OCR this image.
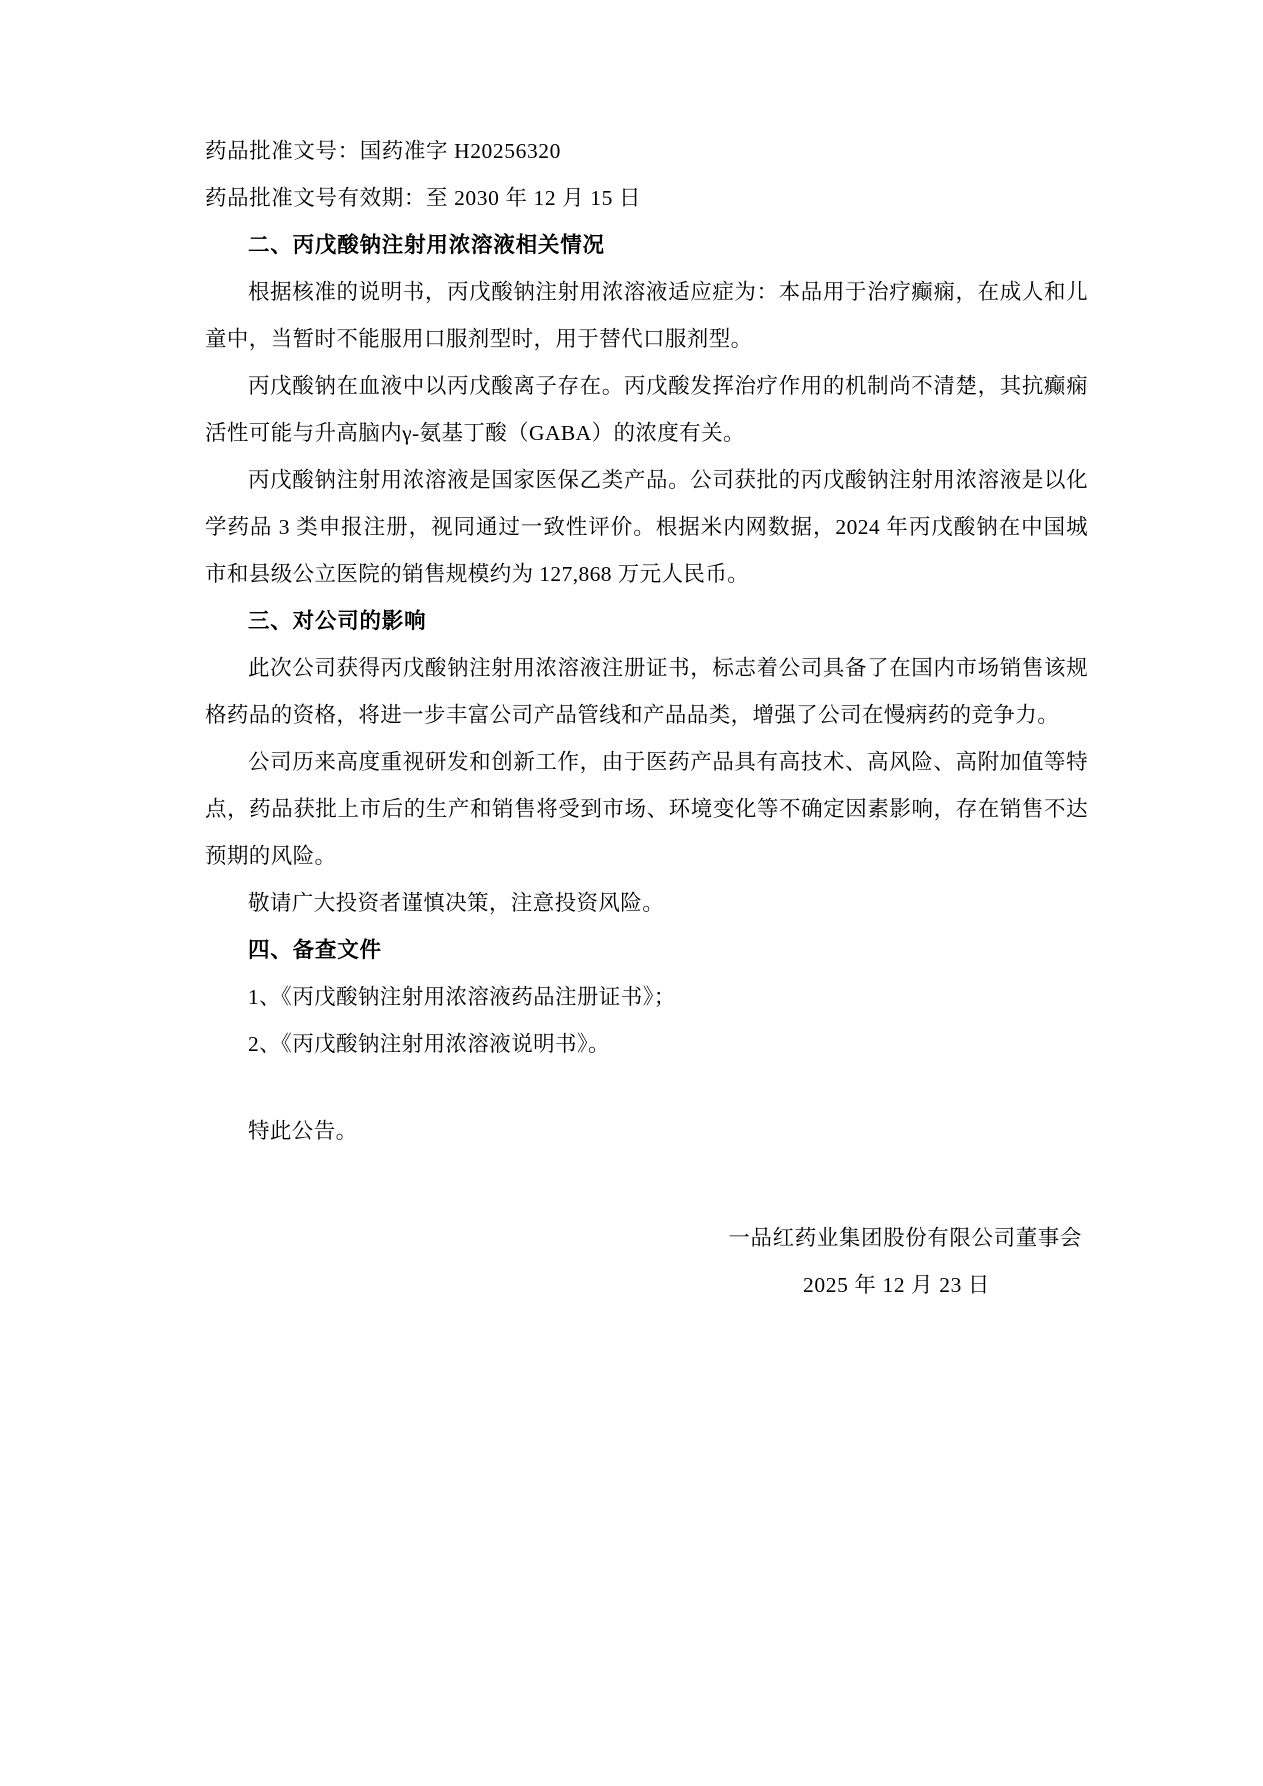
药品批准文号：国药准字 H20256320
药品批准文号有效期：至 2030 年 12 月 15 日
二、丙戊酸钠注射用浓溶液相关情况

根据核准的说明书，丙戊酸钠注射用浓溶液适应症为：本品用于治疗癫痫，在成人和儿童中，当暂时不能服用口服剂型时，用于替代口服剂型。

丙戊酸钠在血液中以丙戊酸离子存在。丙戊酸发挥治疗作用的机制尚不清楚，其抗癫痫活性可能与升高脑内γ-氨基丁酸（GABA）的浓度有关。

丙戊酸钠注射用浓溶液是国家医保乙类产品。公司获批的丙戊酸钠注射用浓溶液是以化学药品 3 类申报注册，视同通过一致性评价。根据米内网数据，2024 年丙戊酸钠在中国城市和县级公立医院的销售规模约为 127,868 万元人民币。

三、对公司的影响

此次公司获得丙戊酸钠注射用浓溶液注册证书，标志着公司具备了在国内市场销售该规格药品的资格，将进一步丰富公司产品管线和产品品类，增强了公司在慢病药的竞争力。

公司历来高度重视研发和创新工作，由于医药产品具有高技术、高风险、高附加值等特点，药品获批上市后的生产和销售将受到市场、环境变化等不确定因素影响，存在销售不达预期的风险。

敬请广大投资者谨慎决策，注意投资风险。

四、备查文件

1、《丙戊酸钠注射用浓溶液药品注册证书》；

2、《丙戊酸钠注射用浓溶液说明书》。

特此公告。

一品红药业集团股份有限公司董事会
2025 年 12 月 23 日
